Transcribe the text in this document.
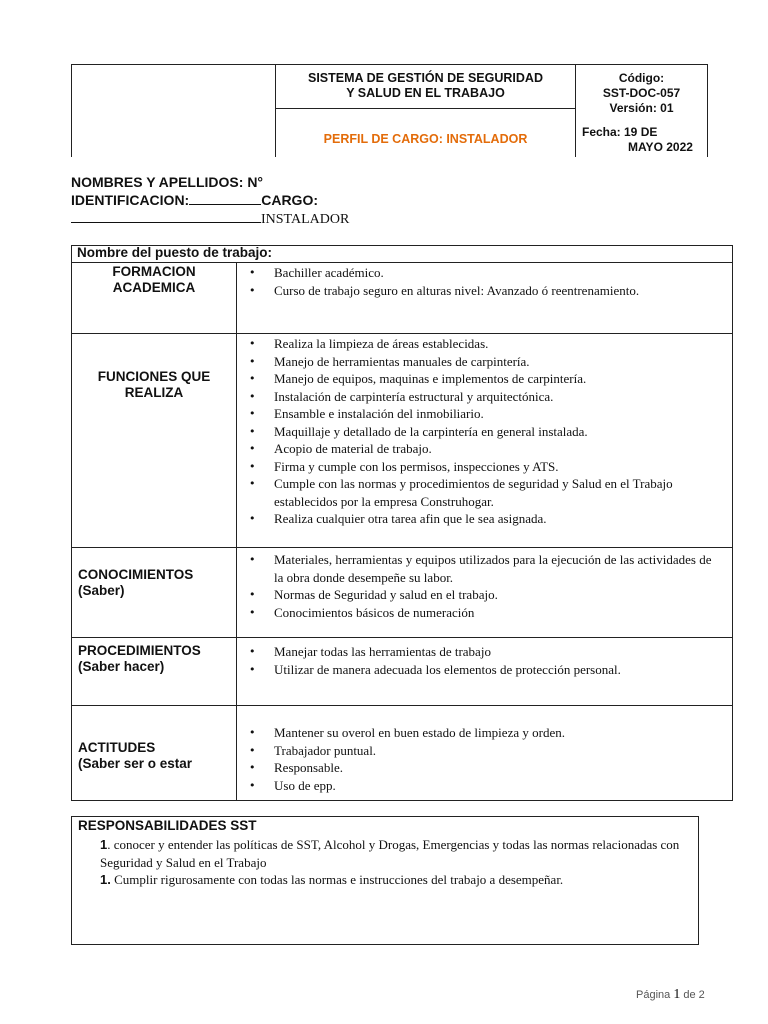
SISTEMA DE GESTIÓN DE SEGURIDAD
Y SALUD EN EL TRABAJO
PERFIL DE CARGO: INSTALADOR
Código:
SST-DOC-057
Versión: 01
Fecha: 19 DE
MAYO 2022
NOMBRES Y APELLIDOS: N°
IDENTIFICACION:	CARGO:
INSTALADOR
Nombre del puesto de trabajo:
FORMACION
ACADEMICA
• Bachiller académico.
• Curso de trabajo seguro en alturas nivel: Avanzado ó reentrenamiento.
FUNCIONES QUE
REALIZA
• Realiza la limpieza de áreas establecidas.
• Manejo de herramientas manuales de carpintería.
• Manejo de equipos, maquinas e implementos de carpintería.
• Instalación de carpintería estructural y arquitectónica.
• Ensamble e instalación del inmobiliario.
• Maquillaje y detallado de la carpintería en general instalada.
• Acopio de material de trabajo.
• Firma y cumple con los permisos, inspecciones y ATS.
• Cumple con las normas y procedimientos de seguridad y Salud en el Trabajo establecidos por la empresa Construhogar.
• Realiza cualquier otra tarea afin que le sea asignada.
CONOCIMIENTOS
(Saber)
• Materiales, herramientas y equipos utilizados para la ejecución de las actividades de la obra donde desempeñe su labor.
• Normas de Seguridad y salud en el trabajo.
• Conocimientos básicos de numeración
PROCEDIMIENTOS
(Saber hacer)
• Manejar todas las herramientas de trabajo
• Utilizar de manera adecuada los elementos de protección personal.
ACTITUDES
(Saber ser o estar
• Mantener su overol en buen estado de limpieza y orden.
• Trabajador puntual.
• Responsable.
• Uso de epp.
RESPONSABILIDADES SST
1. conocer y entender las políticas de SST, Alcohol y Drogas, Emergencias y todas las normas relacionadas con Seguridad y Salud en el Trabajo
1. Cumplir rigurosamente con todas las normas e instrucciones del trabajo a desempeñar.
Página 1 de 2
